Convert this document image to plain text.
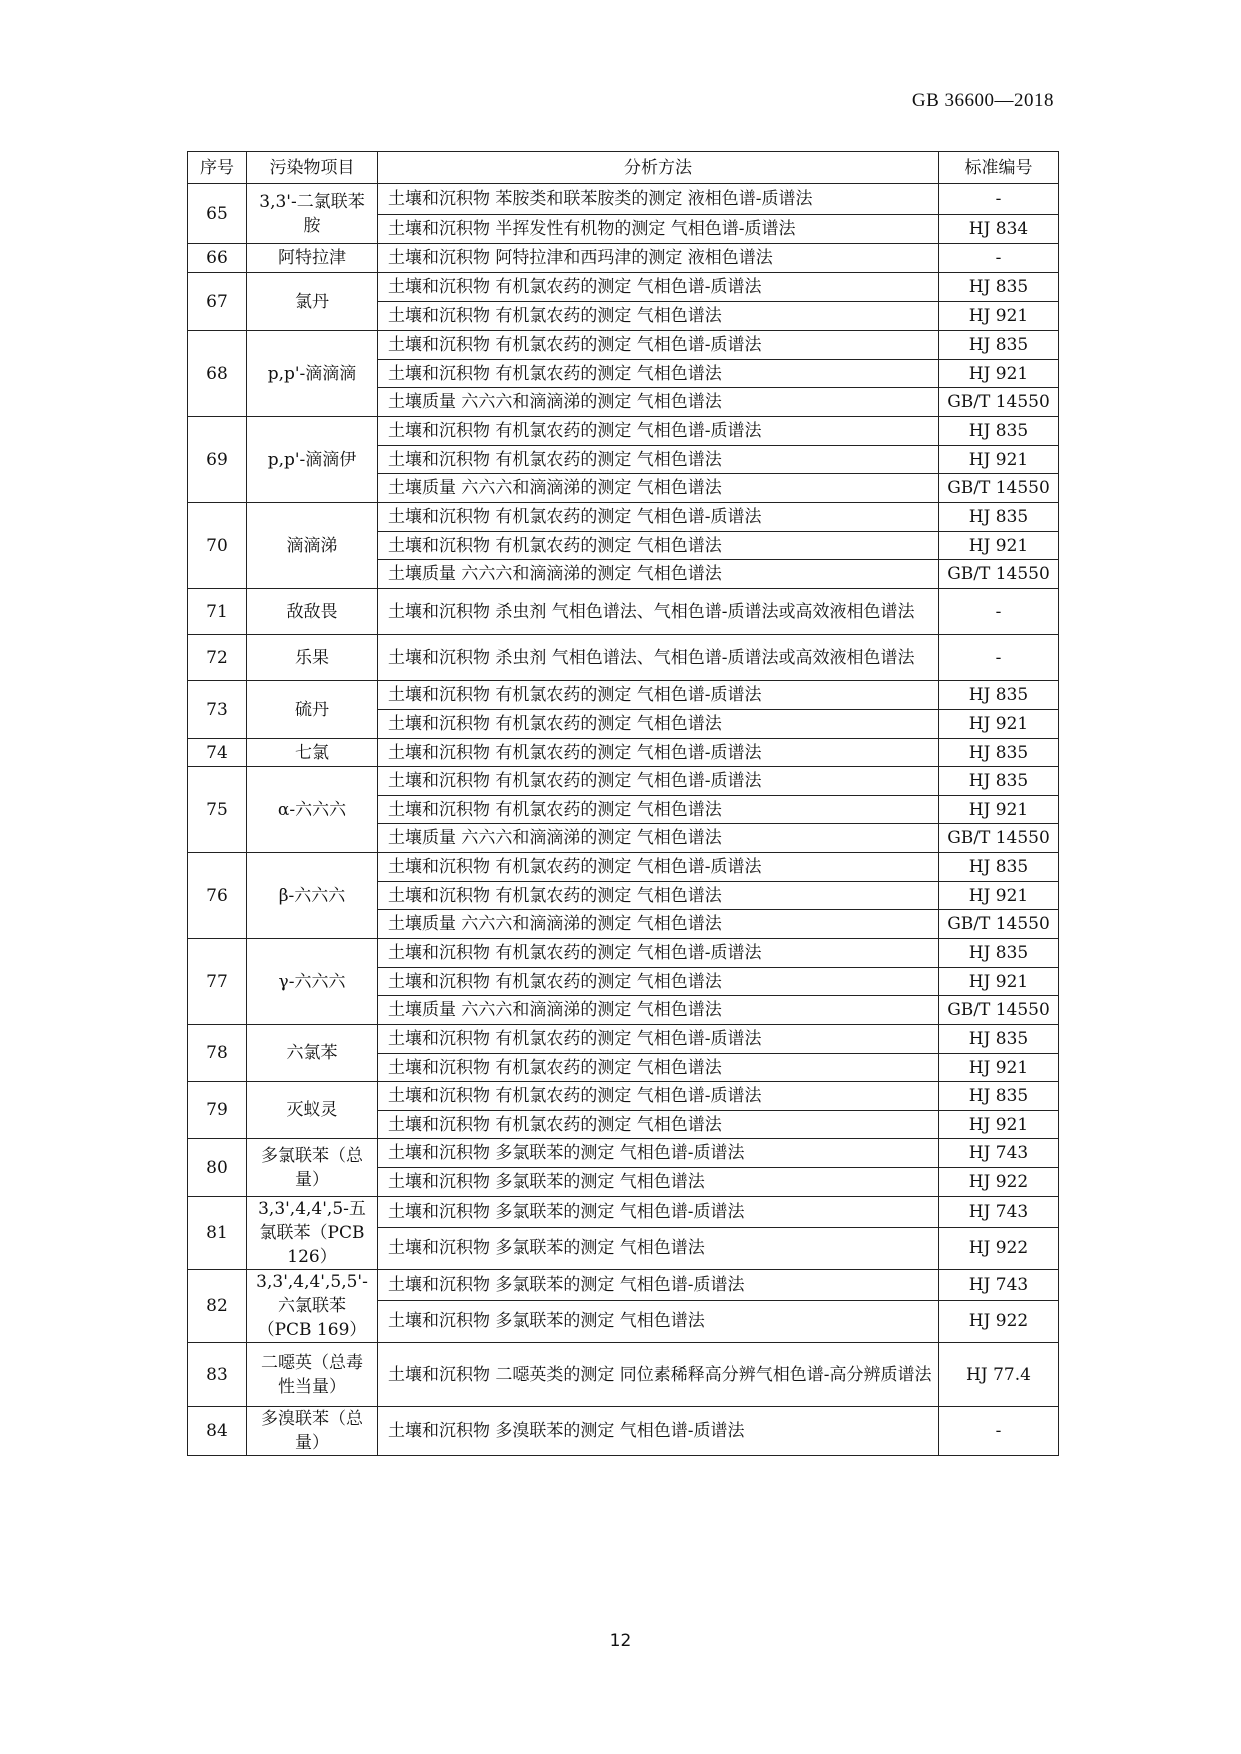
GB 36600—2018
序号	污染物项目	分析方法	标准编号
65	3,3'-二氯联苯胺	土壤和沉积物 苯胺类和联苯胺类的测定 液相色谱-质谱法	-
		土壤和沉积物 半挥发性有机物的测定 气相色谱-质谱法	HJ 834
66	阿特拉津	土壤和沉积物 阿特拉津和西玛津的测定 液相色谱法	-
67	氯丹	土壤和沉积物 有机氯农药的测定 气相色谱-质谱法	HJ 835
		土壤和沉积物 有机氯农药的测定 气相色谱法	HJ 921
68	p,p'-滴滴滴	土壤和沉积物 有机氯农药的测定 气相色谱-质谱法	HJ 835
		土壤和沉积物 有机氯农药的测定 气相色谱法	HJ 921
		土壤质量 六六六和滴滴涕的测定 气相色谱法	GB/T 14550
69	p,p'-滴滴伊	土壤和沉积物 有机氯农药的测定 气相色谱-质谱法	HJ 835
		土壤和沉积物 有机氯农药的测定 气相色谱法	HJ 921
		土壤质量 六六六和滴滴涕的测定 气相色谱法	GB/T 14550
70	滴滴涕	土壤和沉积物 有机氯农药的测定 气相色谱-质谱法	HJ 835
		土壤和沉积物 有机氯农药的测定 气相色谱法	HJ 921
		土壤质量 六六六和滴滴涕的测定 气相色谱法	GB/T 14550
71	敌敌畏	土壤和沉积物 杀虫剂 气相色谱法、气相色谱-质谱法或高效液相色谱法	-
72	乐果	土壤和沉积物 杀虫剂 气相色谱法、气相色谱-质谱法或高效液相色谱法	-
73	硫丹	土壤和沉积物 有机氯农药的测定 气相色谱-质谱法	HJ 835
		土壤和沉积物 有机氯农药的测定 气相色谱法	HJ 921
74	七氯	土壤和沉积物 有机氯农药的测定 气相色谱-质谱法	HJ 835
75	α-六六六	土壤和沉积物 有机氯农药的测定 气相色谱-质谱法	HJ 835
		土壤和沉积物 有机氯农药的测定 气相色谱法	HJ 921
		土壤质量 六六六和滴滴涕的测定 气相色谱法	GB/T 14550
76	β-六六六	土壤和沉积物 有机氯农药的测定 气相色谱-质谱法	HJ 835
		土壤和沉积物 有机氯农药的测定 气相色谱法	HJ 921
		土壤质量 六六六和滴滴涕的测定 气相色谱法	GB/T 14550
77	γ-六六六	土壤和沉积物 有机氯农药的测定 气相色谱-质谱法	HJ 835
		土壤和沉积物 有机氯农药的测定 气相色谱法	HJ 921
		土壤质量 六六六和滴滴涕的测定 气相色谱法	GB/T 14550
78	六氯苯	土壤和沉积物 有机氯农药的测定 气相色谱-质谱法	HJ 835
		土壤和沉积物 有机氯农药的测定 气相色谱法	HJ 921
79	灭蚁灵	土壤和沉积物 有机氯农药的测定 气相色谱-质谱法	HJ 835
		土壤和沉积物 有机氯农药的测定 气相色谱法	HJ 921
80	多氯联苯（总量）	土壤和沉积物 多氯联苯的测定 气相色谱-质谱法	HJ 743
		土壤和沉积物 多氯联苯的测定 气相色谱法	HJ 922
81	3,3',4,4',5-五氯联苯（PCB 126）	土壤和沉积物 多氯联苯的测定 气相色谱-质谱法	HJ 743
		土壤和沉积物 多氯联苯的测定 气相色谱法	HJ 922
82	3,3',4,4',5,5'-六氯联苯（PCB 169）	土壤和沉积物 多氯联苯的测定 气相色谱-质谱法	HJ 743
		土壤和沉积物 多氯联苯的测定 气相色谱法	HJ 922
83	二噁英（总毒性当量）	土壤和沉积物 二噁英类的测定 同位素稀释高分辨气相色谱-高分辨质谱法	HJ 77.4
84	多溴联苯（总量）	土壤和沉积物 多溴联苯的测定 气相色谱-质谱法	-
12
